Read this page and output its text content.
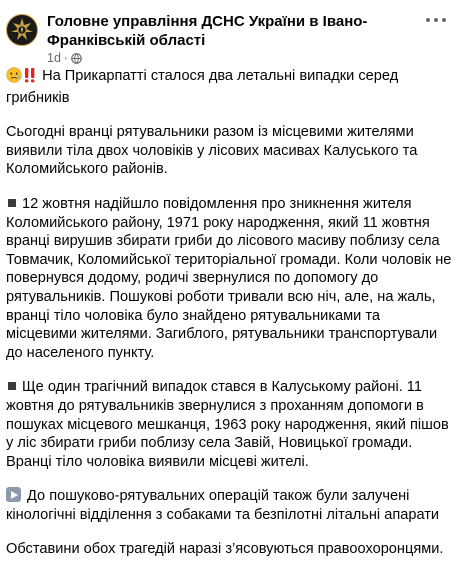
Головне управління ДСНС України в Івано-Франківській області
1d ·

На Прикарпатті сталося два летальні випадки серед грибників

Сьогодні вранці рятувальники разом із місцевими жителями виявили тіла двох чоловіків у лісових масивах Калуського та Коломийського районів.

12 жовтня надійшло повідомлення про зникнення жителя Коломийського району, 1971 року народження, який 11 жовтня вранці вирушив збирати гриби до лісового масиву поблизу села Товмачик, Коломийської територіальної громади. Коли чоловік не повернувся додому, родичі звернулися по допомогу до рятувальників. Пошукові роботи тривали всю ніч, але, на жаль, вранці тіло чоловіка було знайдено рятувальниками та місцевими жителями. Загиблого, рятувальники транспортували до населеного пункту.

Ще один трагічний випадок стався в Калуському районі. 11 жовтня до рятувальників звернулися з проханням допомоги в пошуках місцевого мешканця, 1963 року народження, який пішов у ліс збирати гриби поблизу села Завій, Новицької громади. Вранці тіло чоловіка виявили місцеві жителі.

До пошуково-рятувальних операцій також були залучені кінологічні відділення з собаками та безпілотні літальні апарати

Обставини обох трагедій наразі з’ясовуються правоохоронцями.
